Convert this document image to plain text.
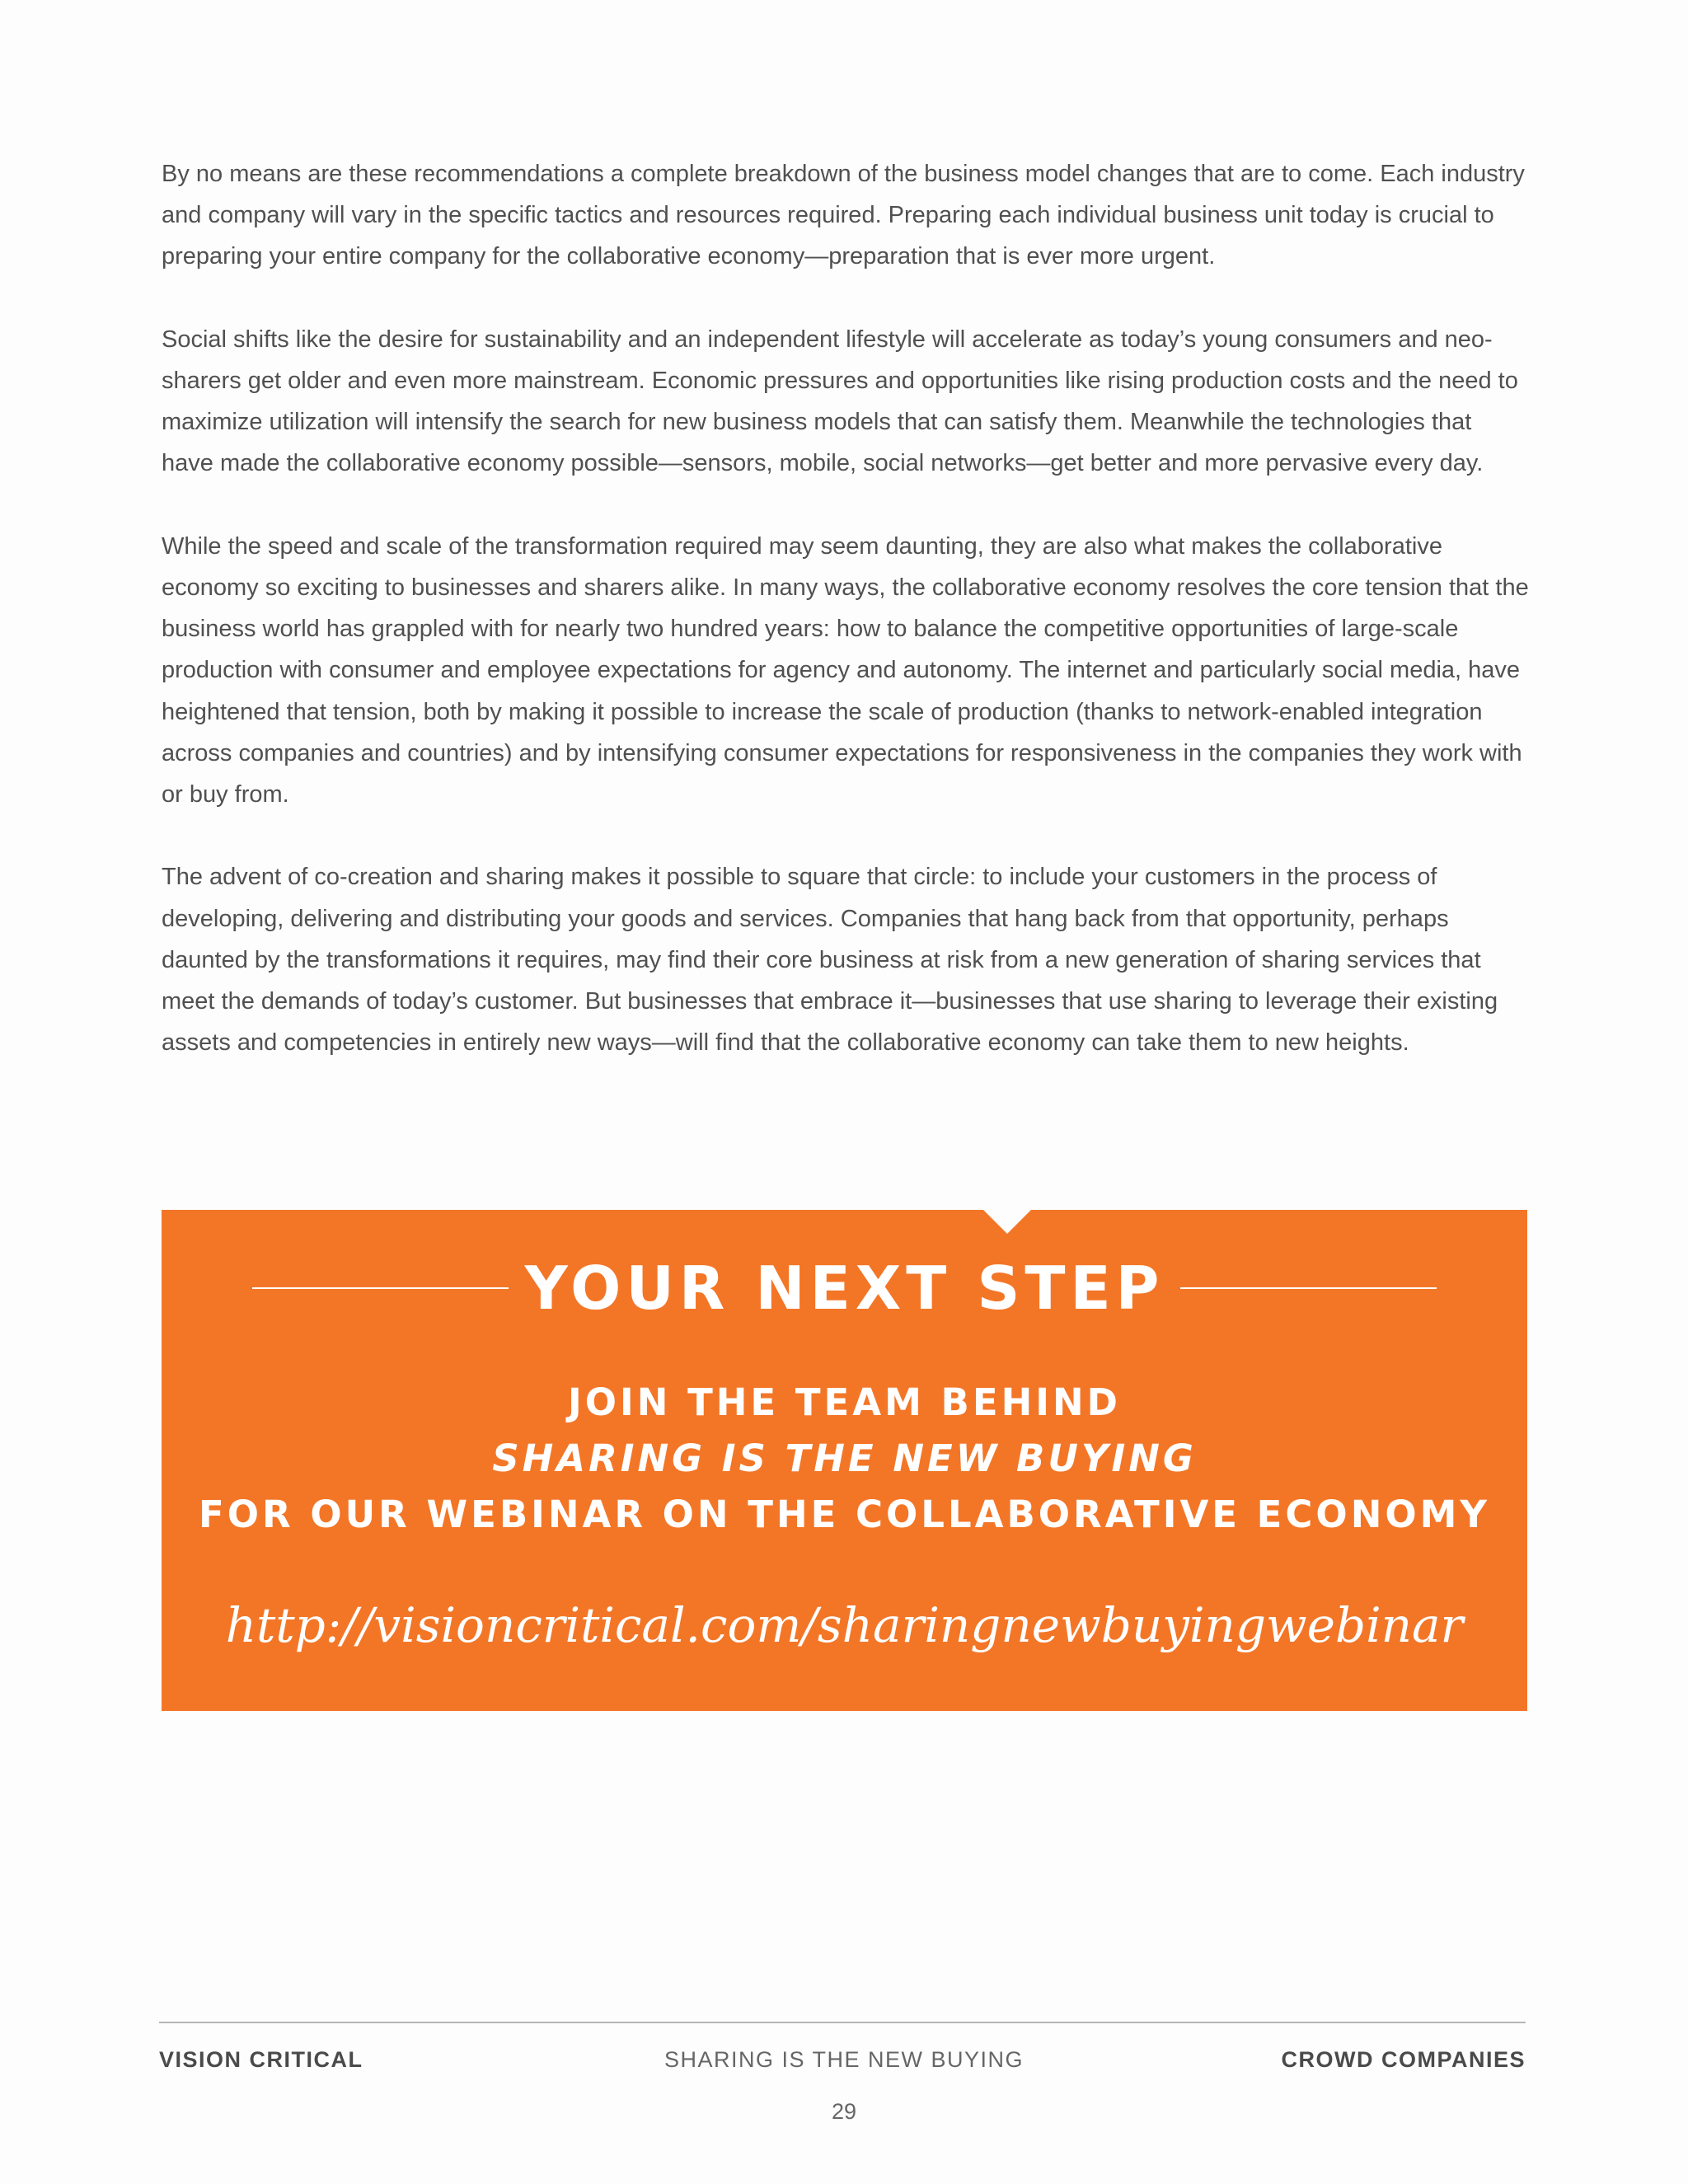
By no means are these recommendations a complete breakdown of the business model changes that are to come. Each industry and company will vary in the specific tactics and resources required. Preparing each individual business unit today is crucial to preparing your entire company for the collaborative economy—preparation that is ever more urgent.

Social shifts like the desire for sustainability and an independent lifestyle will accelerate as today’s young consumers and neo-sharers get older and even more mainstream. Economic pressures and opportunities like rising production costs and the need to maximize utilization will intensify the search for new business models that can satisfy them. Meanwhile the technologies that have made the collaborative economy possible—sensors, mobile, social networks—get better and more pervasive every day.

While the speed and scale of the transformation required may seem daunting, they are also what makes the collaborative economy so exciting to businesses and sharers alike. In many ways, the collaborative economy resolves the core tension that the business world has grappled with for nearly two hundred years: how to balance the competitive opportunities of large-scale production with consumer and employee expectations for agency and autonomy. The internet and particularly social media, have heightened that tension, both by making it possible to increase the scale of production (thanks to network-enabled integration across companies and countries) and by intensifying consumer expectations for responsiveness in the companies they work with or buy from.

The advent of co-creation and sharing makes it possible to square that circle: to include your customers in the process of developing, delivering and distributing your goods and services. Companies that hang back from that opportunity, perhaps daunted by the transformations it requires, may find their core business at risk from a new generation of sharing services that meet the demands of today’s customer. But businesses that embrace it—businesses that use sharing to leverage their existing assets and competencies in entirely new ways—will find that the collaborative economy can take them to new heights.

YOUR NEXT STEP
JOIN THE TEAM BEHIND
SHARING IS THE NEW BUYING
FOR OUR WEBINAR ON THE COLLABORATIVE ECONOMY
http://visioncritical.com/sharingnewbuyingwebinar
SHARING IS THE NEW BUYING
VISION CRITICAL	CROWD COMPANIES
29
